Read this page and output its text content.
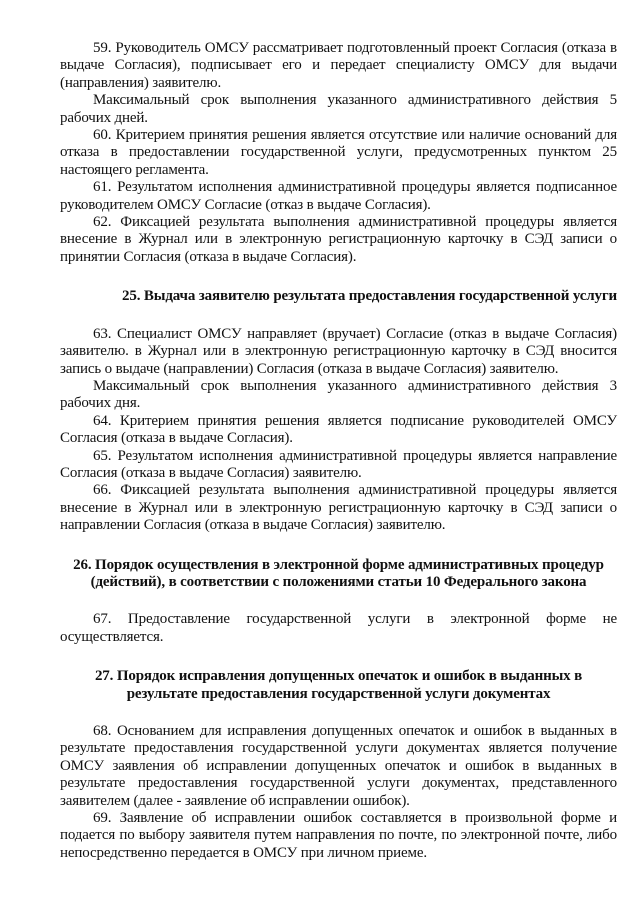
59. Руководитель ОМСУ рассматривает подготовленный проект Согласия (отказа в выдаче Согласия), подписывает его и передает специалисту ОМСУ для выдачи (направления) заявителю.

Максимальный срок выполнения указанного административного действия 5 рабочих дней.

60. Критерием принятия решения является отсутствие или наличие оснований для отказа в предоставлении государственной услуги, предусмотренных пунктом 25 настоящего регламента.

61. Результатом исполнения административной процедуры является подписанное руководителем ОМСУ Согласие (отказ в выдаче Согласия).

62. Фиксацией результата выполнения административной процедуры является внесение в Журнал или в электронную регистрационную карточку в СЭД записи о принятии Согласия (отказа в выдаче Согласия).

25. Выдача заявителю результата предоставления государственной услуги

63. Специалист ОМСУ направляет (вручает) Согласие (отказ в выдаче Согласия) заявителю. в Журнал или в электронную регистрационную карточку в СЭД вносится запись о выдаче (направлении) Согласия (отказа в выдаче Согласия) заявителю.

Максимальный срок выполнения указанного административного действия 3 рабочих дня.

64. Критерием принятия решения является подписание руководителей ОМСУ Согласия (отказа в выдаче Согласия).

65. Результатом исполнения административной процедуры является направление Согласия (отказа в выдаче Согласия) заявителю.

66. Фиксацией результата выполнения административной процедуры является внесение в Журнал или в электронную регистрационную карточку в СЭД записи о направлении Согласия (отказа в выдаче Согласия) заявителю.

26. Порядок осуществления в электронной форме административных процедур (действий), в соответствии с положениями статьи 10 Федерального закона

67. Предоставление государственной услуги в электронной форме не осуществляется.

27. Порядок исправления допущенных опечаток и ошибок в выданных в результате предоставления государственной услуги документах

68. Основанием для исправления допущенных опечаток и ошибок в выданных в результате предоставления государственной услуги документах является получение ОМСУ заявления об исправлении допущенных опечаток и ошибок в выданных в результате предоставления государственной услуги документах, представленного заявителем (далее - заявление об исправлении ошибок).

69. Заявление об исправлении ошибок составляется в произвольной форме и подается по выбору заявителя путем направления по почте, по электронной почте, либо непосредственно передается в ОМСУ при личном приеме.
